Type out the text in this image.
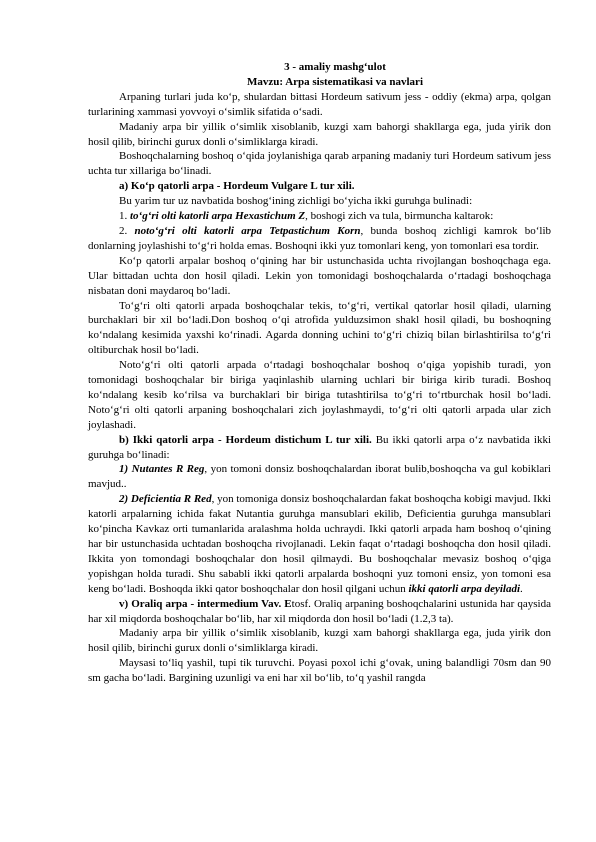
3 - amaliy mashg‘ulot

Mavzu: Arpa sistematikasi va navlari

Arpaning turlari juda ko‘p, shulardan bittasi Hordeum sativum jess - oddiy (ekma) arpa, qolgan turlarining xammasi yovvoyi o‘simlik sifatida o‘sadi.

Madaniy arpa bir yillik o‘simlik xisoblanib, kuzgi xam bahorgi shakllarga ega, juda yirik don hosil qilib, birinchi gurux donli o‘simliklarga kiradi.

Boshoqchalarning boshoq o‘qida joylanishiga qarab arpaning madaniy turi Hordeum sativum jess uchta tur xillariga bo‘linadi.

a) Ko‘p qatorli arpa - Hordeum Vulgare L tur xili.

Bu yarim tur uz navbatida boshog‘ining zichligi bo‘yicha ikki guruhga bulinadi:

1. to‘g‘ri olti katorli arpa Hexastichum Z, boshogi zich va tula, birmuncha kaltarok:

2. noto‘g‘ri olti katorli arpa Tetpastichum Korn, bunda boshoq zichligi kamrok bo‘lib donlarning joylashishi to‘g‘ri holda emas. Boshoqni ikki yuz tomonlari keng, yon tomonlari esa tordir.

Ko‘p qatorli arpalar boshoq o‘qining har bir ustunchasida uchta rivojlangan boshoqchaga ega. Ular bittadan uchta don hosil qiladi. Lekin yon tomonidagi boshoqchalarda o‘rtadagi boshoqchaga nisbatan doni maydaroq bo‘ladi.

To‘g‘ri olti qatorli arpada boshoqchalar tekis, to‘g‘ri, vertikal qatorlar hosil qiladi, ularning burchaklari bir xil bo‘ladi.Don boshoq o‘qi atrofida yulduzsimon shakl hosil qiladi, bu boshoqning ko‘ndalang kesimida yaxshi ko‘rinadi. Agarda donning uchini to‘g‘ri chiziq bilan birlashtirilsa to‘g‘ri oltiburchak hosil bo‘ladi.

Noto‘g‘ri olti qatorli arpada o‘rtadagi boshoqchalar boshoq o‘qiga yopishib turadi, yon tomonidagi boshoqchalar bir biriga yaqinlashib ularning uchlari bir biriga kirib turadi. Boshoq ko‘ndalang kesib ko‘rilsa va burchaklari bir biriga tutashtirilsa to‘g‘ri to‘rtburchak hosil bo‘ladi. Noto‘g‘ri olti qatorli arpaning boshoqchalari zich joylashmaydi, to‘g‘ri olti qatorli arpada ular zich joylashadi.

b) Ikki qatorli arpa - Hordeum distichum L tur xili. Bu ikki qatorli arpa o‘z navbatida ikki guruhga bo‘linadi:

1) Nutantes R Reg, yon tomoni donsiz boshoqchalardan iborat bulib,boshoqcha va gul kobiklari mavjud..

2) Deficientia R Red, yon tomoniga donsiz boshoqchalardan fakat boshoqcha kobigi mavjud. Ikki katorli arpalarning ichida fakat Nutantia guruhga mansublari ekilib, Deficientia guruhga mansublari ko‘pincha Kavkaz orti tumanlarida aralashma holda uchraydi. Ikki qatorli arpada ham boshoq o‘qining har bir ustunchasida uchtadan boshoqcha rivojlanadi. Lekin faqat o‘rtadagi boshoqcha don hosil qiladi. Ikkita yon tomondagi boshoqchalar don hosil qilmaydi. Bu boshoqchalar mevasiz boshoq o‘qiga yopishgan holda turadi. Shu sababli ikki qatorli arpalarda boshoqni yuz tomoni ensiz, yon tomoni esa keng bo‘ladi. Boshoqda ikki qator boshoqchalar don hosil qilgani uchun ikki qatorli arpa deyiladi.

v) Oraliq arpa - intermedium Vav. Etosf. Oraliq arpaning boshoqchalarini ustunida har qaysida har xil miqdorda boshoqchalar bo‘lib, har xil miqdorda don hosil bo‘ladi (1.2,3 ta).

Madaniy arpa bir yillik o‘simlik xisoblanib, kuzgi xam bahorgi shakllarga ega, juda yirik don hosil qilib, birinchi gurux donli o‘simliklarga kiradi.

Maysasi to‘liq yashil, tupi tik turuvchi. Poyasi poxol ichi g‘ovak, uning balandligi 70sm dan 90 sm gacha bo‘ladi. Bargining uzunligi va eni har xil bo‘lib, to‘q yashil rangda
